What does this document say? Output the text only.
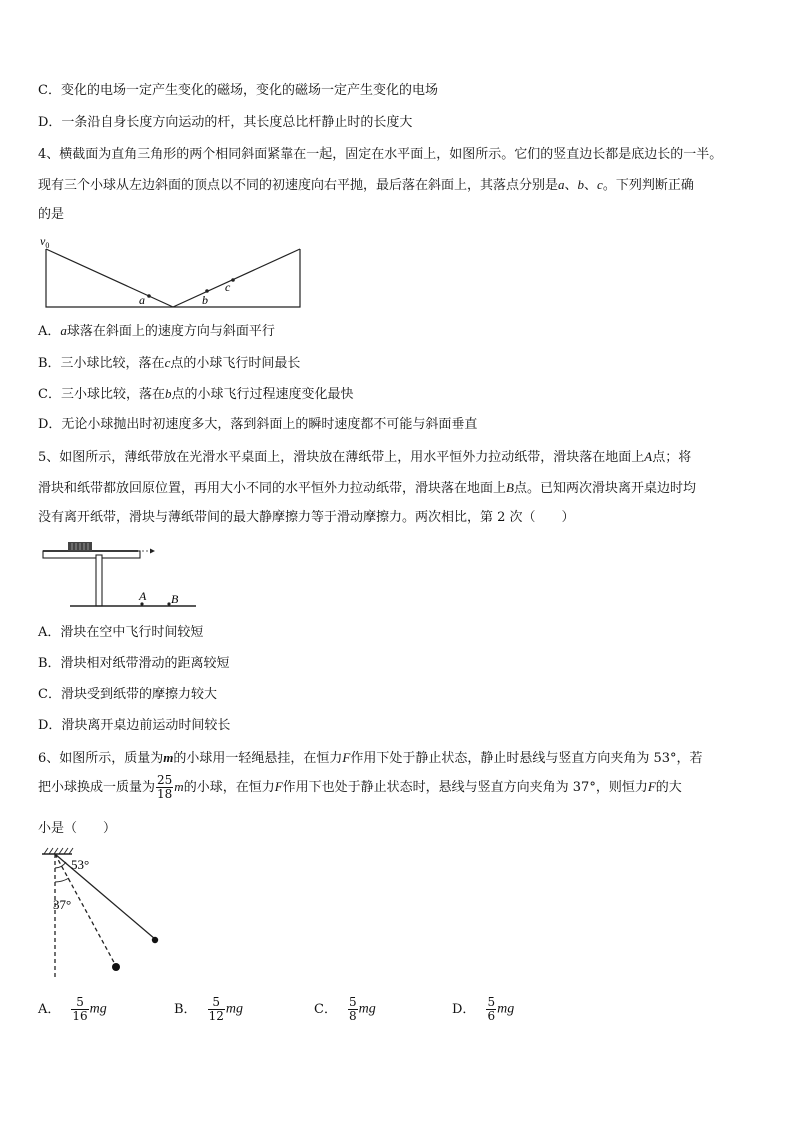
C．变化的电场一定产生变化的磁场，变化的磁场一定产生变化的电场
D．一条沿自身长度方向运动的杆，其长度总比杆静止时的长度大
4、横截面为直角三角形的两个相同斜面紧靠在一起，固定在水平面上，如图所示。它们的竖直边长都是底边长的一半。
现有三个小球从左边斜面的顶点以不同的初速度向右平抛，最后落在斜面上，其落点分别是a、b、c。下列判断正确
的是
$v_0$
a	b
c
A．a球落在斜面上的速度方向与斜面平行
B．三小球比较，落在c点的小球飞行时间最长
C．三小球比较，落在b点的小球飞行过程速度变化最快
D．无论小球抛出时初速度多大，落到斜面上的瞬时速度都不可能与斜面垂直
5、如图所示，薄纸带放在光滑水平桌面上，滑块放在薄纸带上，用水平恒外力拉动纸带，滑块落在地面上A点；将
滑块和纸带都放回原位置，再用大小不同的水平恒外力拉动纸带，滑块落在地面上B点。已知两次滑块离开桌边时均
没有离开纸带，滑块与薄纸带间的最大静摩擦力等于滑动摩擦力。两次相比，第 2 次（　　）
A B
A．滑块在空中飞行时间较短
B．滑块相对纸带滑动的距离较短
C．滑块受到纸带的摩擦力较大
D．滑块离开桌边前运动时间较长
6、如图所示，质量为m的小球用一轻绳悬挂，在恒力F作用下处于静止状态，静止时悬线与竖直方向夹角为 53°，若
把小球换成一质量为 $\frac{25}{18}$ m的小球，在恒力F作用下也处于静止状态时，悬线与竖直方向夹角为 37°，则恒力F的大
小是（　　）
53°
37°
A． $\frac{5}{16}$ mg	B． $\frac{5}{12}$ mg	C． $\frac{5}{8}$ mg	D． $\frac{5}{6}$ mg
